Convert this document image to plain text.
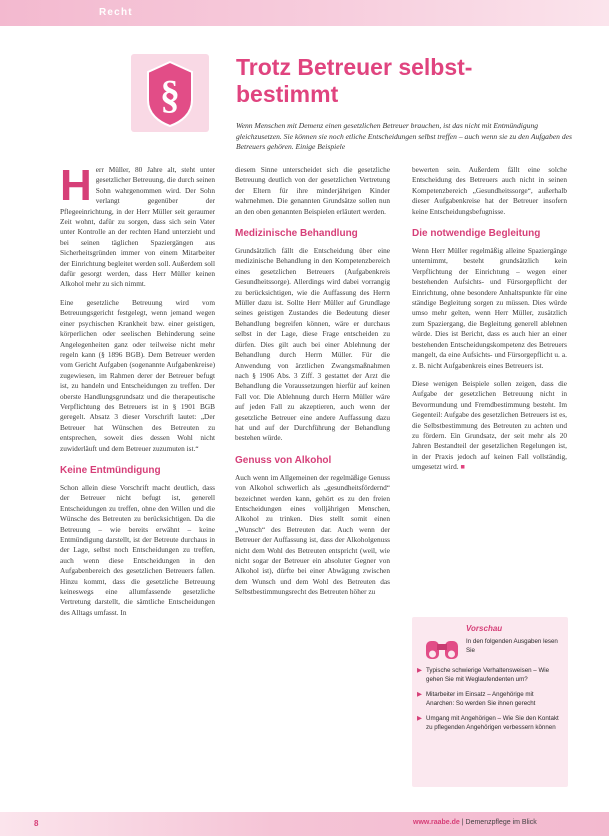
Recht
§
Trotz Betreuer selbst-
bestimmt
Wenn Menschen mit Demenz einen gesetzlichen Betreuer brauchen, ist das nicht mit Entmündigung gleichzusetzen. Sie können sie noch etliche Entscheidungen selbst treffen – auch wenn sie zu den Aufgaben des Betreuers gehören. Einige Beispiele

Herr Müller, 80 Jahre alt, steht unter gesetzlicher Betreuung, die durch seinen Sohn wahrgenommen wird. Der Sohn verlangt gegenüber der Pflegeeinrichtung, in der Herr Müller seit geraumer Zeit wohnt, dafür zu sorgen, dass sich sein Vater unter Kontrolle an der rechten Hand unterzieht und bei seinen täglichen Spaziergängen aus Sicherheitsgründen immer von einem Mitarbeiter der Einrichtung begleitet werden soll. Außerdem soll dafür gesorgt werden, dass Herr Müller keinen Alkohol mehr zu sich nimmt.

Eine gesetzliche Betreuung wird vom Betreuungsgericht festgelegt, wenn jemand wegen einer psychischen Krankheit bzw. einer geistigen, körperlichen oder seelischen Behinderung seine Angelegenheiten ganz oder teilweise nicht mehr regeln kann (§ 1896 BGB). Dem Betreuer werden vom Gericht Aufgaben (sogenannte Aufgabenkreise) zugewiesen, im Rahmen derer der Betreuer befugt ist, zu handeln und Entscheidungen zu treffen. Der oberste Handlungsgrundsatz und die therapeutische Verpflichtung des Betreuers ist in § 1901 BGB geregelt. Absatz 3 dieser Vorschrift lautet: „Der Betreuer hat Wünschen des Betreuten zu entsprechen, soweit dies dessen Wohl nicht zuwiderläuft und dem Betreuer zuzumuten ist.“

Keine Entmündigung

Schon allein diese Vorschrift macht deutlich, dass der Betreuer nicht befugt ist, generell Entscheidungen zu treffen, ohne den Willen und die Wünsche des Betreuten zu berücksichtigen. Da die Betreuung – wie bereits erwähnt – keine Entmündigung darstellt, ist der Betreute durchaus in der Lage, selbst noch Entscheidungen zu treffen, auch wenn diese Entscheidungen in den Aufgabenbereich des gesetzlichen Betreuers fallen. Hinzu kommt, dass die gesetzliche Betreuung keineswegs eine allumfassende gesetzliche Vertretung darstellt, die sämtliche Entscheidungen des Alltags umfasst. In

diesem Sinne unterscheidet sich die gesetzliche Betreuung deutlich von der gesetzlichen Vertretung der Eltern für ihre minderjährigen Kinder wahrnehmen. Die genannten Grundsätze sollen nun an den oben genannten Beispielen erläutert werden.

Medizinische Behandlung

Grundsätzlich fällt die Entscheidung über eine medizinische Behandlung in den Kompetenzbereich eines gesetzlichen Betreuers (Aufgabenkreis Gesundheitssorge). Allerdings wird dabei vorrangig zu berücksichtigen, wie die Auffassung des Herrn Müller dazu ist. Sollte Herr Müller auf Grundlage seines geistigen Zustandes die Bedeutung dieser Behandlung begreifen können, wäre er durchaus selbst in der Lage, diese Frage entscheiden zu dürfen. Dies gilt auch bei einer Ablehnung der Behandlung durch Herrn Müller. Für die Anwendung von ärztlichen Zwangsmaßnahmen nach § 1906 Abs. 3 Ziff. 3 gestattet der Arzt die Behandlung die Voraussetzungen hierfür auf keinen Fall vor. Die Ablehnung durch Herrn Müller wäre auf jeden Fall zu akzeptieren, auch wenn der gesetzliche Betreuer eine andere Auffassung dazu hat und auf der Durchführung der Behandlung bestehen würde.

Genuss von Alkohol

Auch wenn im Allgemeinen der regelmäßige Genuss von Alkohol schwerlich als „gesundheitsfördernd“ bezeichnet werden kann, gehört es zu den freien Entscheidungen eines volljährigen Menschen, Alkohol zu trinken. Dies stellt somit einen „Wunsch“ des Betreuten dar. Auch wenn der Betreuer der Auffassung ist, dass der Alkoholgenuss nicht dem Wohl des Betreuten entspricht (weil, wie nicht sogar der Betreuer ein absoluter Gegner von Alkohol ist), dürfte bei einer Abwägung zwischen dem Wunsch und dem Wohl des Betreuten das Selbstbestimmungsrecht des Betreuten höher zu

bewerten sein. Außerdem fällt eine solche Entscheidung des Betreuers auch nicht in seinen Kompetenzbereich „Gesundheitssorge“, außerhalb dieser Aufgabenkreise hat der Betreuer insofern keine Entscheidungsbefugnisse.

Die notwendige Begleitung

Wenn Herr Müller regelmäßig alleine Spaziergänge unternimmt, besteht grundsätzlich kein Verpflichtung der Einrichtung – wegen einer bestehenden Aufsichts- und Fürsorgepflicht der Einrichtung, ohne besondere Anhaltspunkte für eine ständige Begleitung sorgen zu müssen. Dies würde umso mehr gelten, wenn Herr Müller, zusätzlich zum Spaziergang, die Begleitung generell ablehnen würde. Dies ist Bericht, dass es auch hier an einer bestehenden Entscheidungskompetenz des Betreuers mangelt, da eine Aufsichts- und Fürsorgepflicht u. a. z. B. nicht Aufgabenkreis eines Betreuers ist.

Diese wenigen Beispiele sollen zeigen, dass die Aufgabe der gesetzlichen Betreuung nicht in Bevormundung und Fremdbestimmung besteht. Im Gegenteil: Aufgabe des gesetzlichen Betreuers ist es, die Selbstbestimmung des Betreuten zu achten und zu fördern. Ein Grundsatz, der seit mehr als 20 Jahren Bestandteil der gesetzlichen Regelungen ist, in der Praxis jedoch auf keinen Fall vollständig, umgesetzt wird. ■

Vorschau
In den folgenden Ausgaben lesen Sie
▶ Typische schwierige Verhaltensweisen – Wie gehen Sie mit Weglaufendenten um?
▶ Mitarbeiter im Einsatz – Angehörige mit Anarchen: So werden Sie ihnen gerecht
▶ Umgang mit Angehörigen – Wie Sie den Kontakt zu pflegenden Angehörigen verbessern können
8	www.raabe.de | Demenzpflege im Blick
